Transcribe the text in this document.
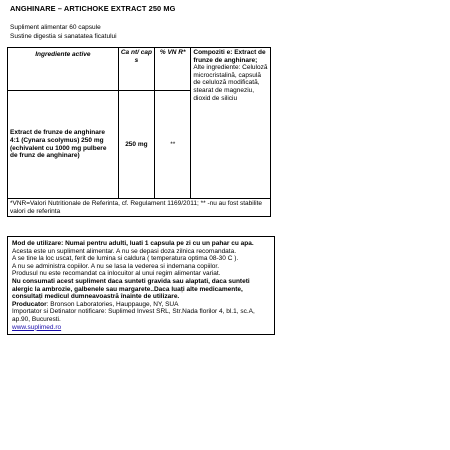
ANGHINARE – ARTICHOKE EXTRACT 250 MG
Supliment alimentar 60 capsule
Sustine digestia si sanatatea ficatului
Ingrediente active	Ca nt/ cap s	% VN R*	Compoziti e: Extract de frunze de anghinare; Alte ingrediente: Celuloză microcristalină, capsulă de celuloză modificată, stearat de magneziu, dioxid de siliciu
Extract de frunze de anghinare 4:1 (Cynara scolymus) 250 mg (echivalent cu 1000 mg pulbere de frunz de anghinare)	250 mg	**	
*VNR=Valori Nutritionale de Referinta, cf. Regulament 1169/2011; ** -nu au fost stabilite valori de referinta			

Mod de utilizare: Numai pentru adulti, luati 1 capsula pe zi cu un pahar cu apa.

Acesta este un supliment alimentar. A nu se depasi doza zilnica recomandata.

A se tine la loc uscat, ferit de lumina si caldura ( temperatura optima 08-30 C ).

A nu se administra copiilor. A nu se lasa la vederea si indemana copiilor.

Produsul nu este recomandat ca inlocuitor al unui regim alimentar variat.

Nu consumati acest supliment daca sunteti gravida sau alaptati, daca sunteti alergic la ambrozie, galbenele sau margarete..Daca luați alte medicamente, consultați medicul dumneavoastră înainte de utilizare.

Producator: Bronson Laboratories, Hauppauge, NY, SUA

Importator si Detinator notificare: Suplimed Invest SRL, Str.Nada florilor 4, bl.1, sc.A, ap.90, Bucuresti.

www.suplimed.ro
